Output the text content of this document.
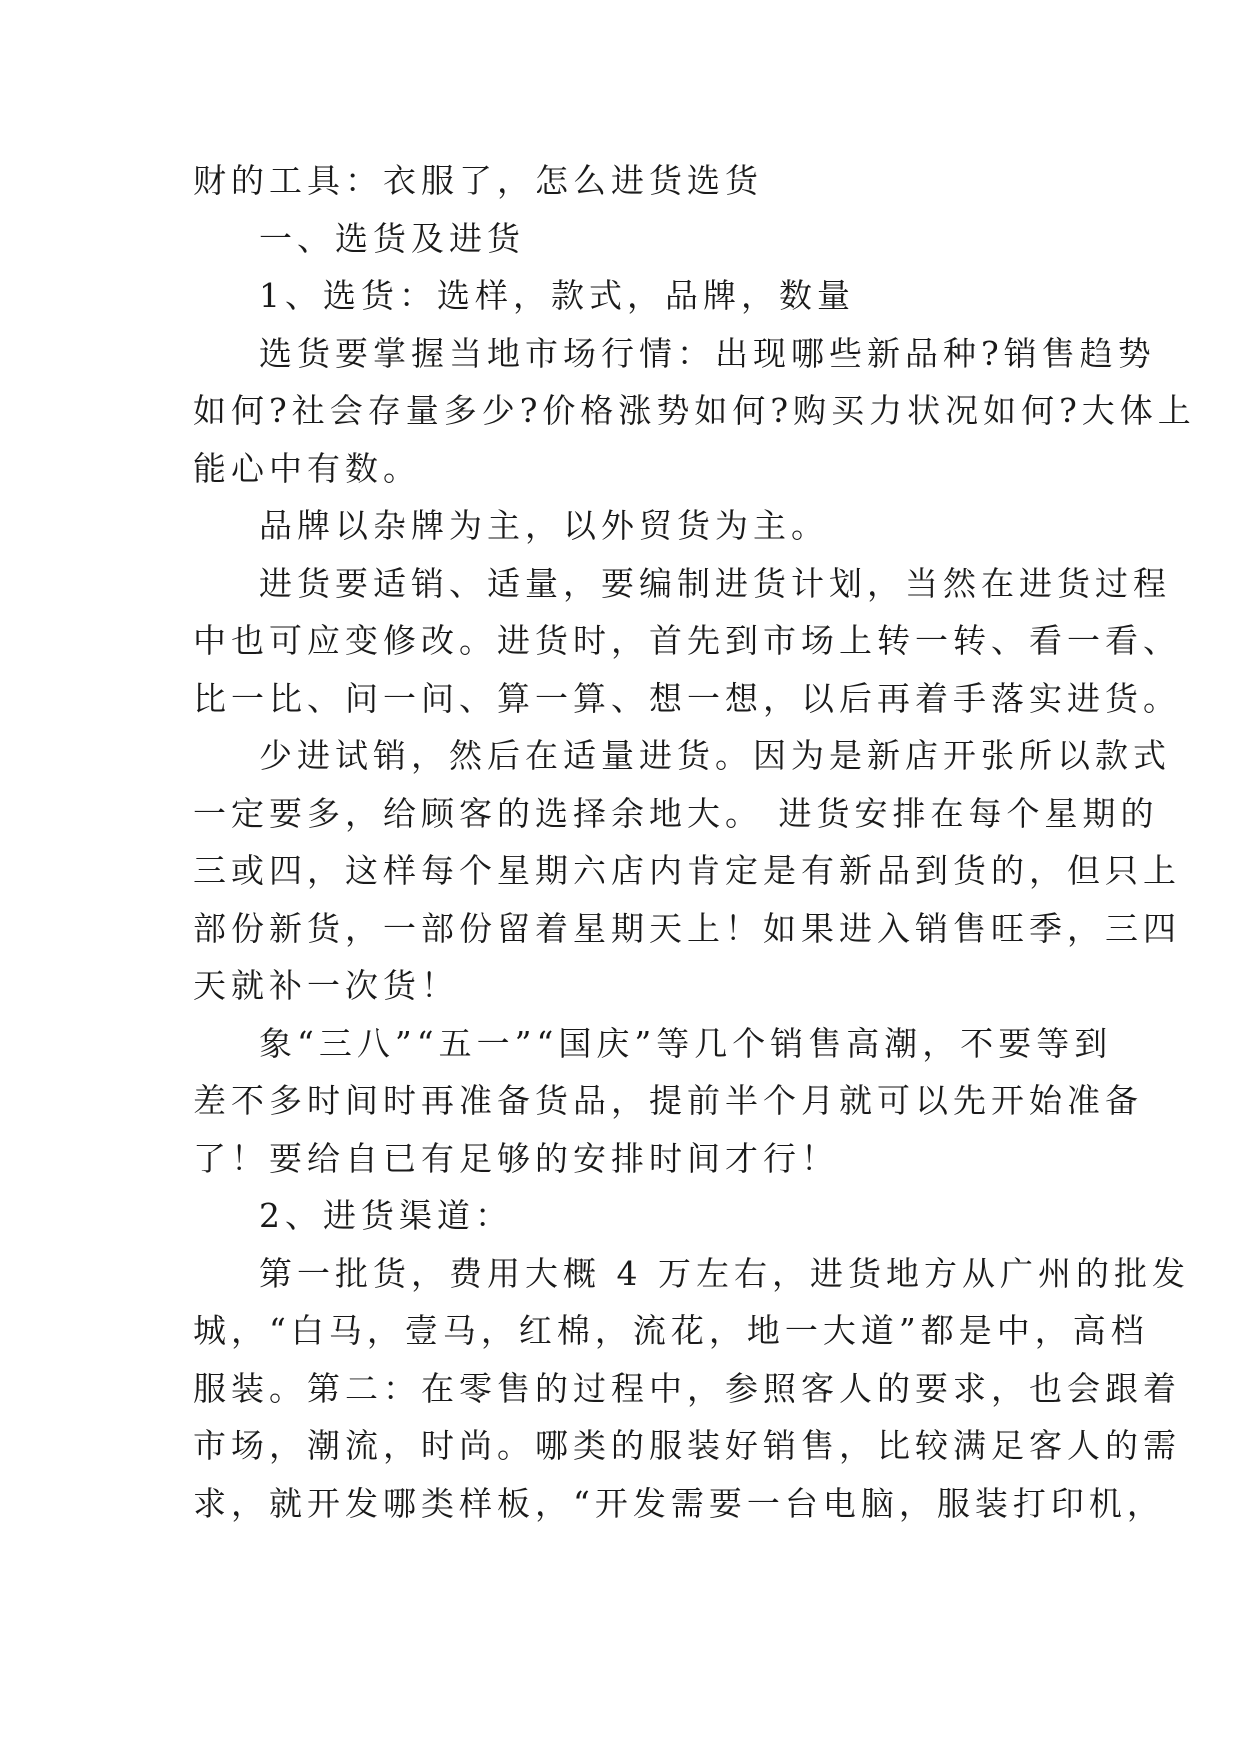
财的工具：衣服了，怎么进货选货

一、选货及进货

1、选货：选样，款式，品牌，数量

选货要掌握当地市场行情：出现哪些新品种?销售趋势

如何?社会存量多少?价格涨势如何?购买力状况如何?大体上

能心中有数。

品牌以杂牌为主，以外贸货为主。

进货要适销、适量，要编制进货计划，当然在进货过程

中也可应变修改。进货时，首先到市场上转一转、看一看、

比一比、问一问、算一算、想一想，以后再着手落实进货。

少进试销，然后在适量进货。因为是新店开张所以款式

一定要多，给顾客的选择余地大。 进货安排在每个星期的

三或四，这样每个星期六店内肯定是有新品到货的，但只上

部份新货，一部份留着星期天上！如果进入销售旺季，三四

天就补一次货！

象“三八”“五一”“国庆”等几个销售高潮，不要等到

差不多时间时再准备货品，提前半个月就可以先开始准备

了！要给自已有足够的安排时间才行！

2、进货渠道：

第一批货，费用大概 4 万左右，进货地方从广州的批发

城，“白马，壹马，红棉，流花，地一大道”都是中，高档

服装。第二：在零售的过程中，参照客人的要求，也会跟着

市场，潮流，时尚。哪类的服装好销售，比较满足客人的需

求，就开发哪类样板，“开发需要一台电脑，服装打印机，
